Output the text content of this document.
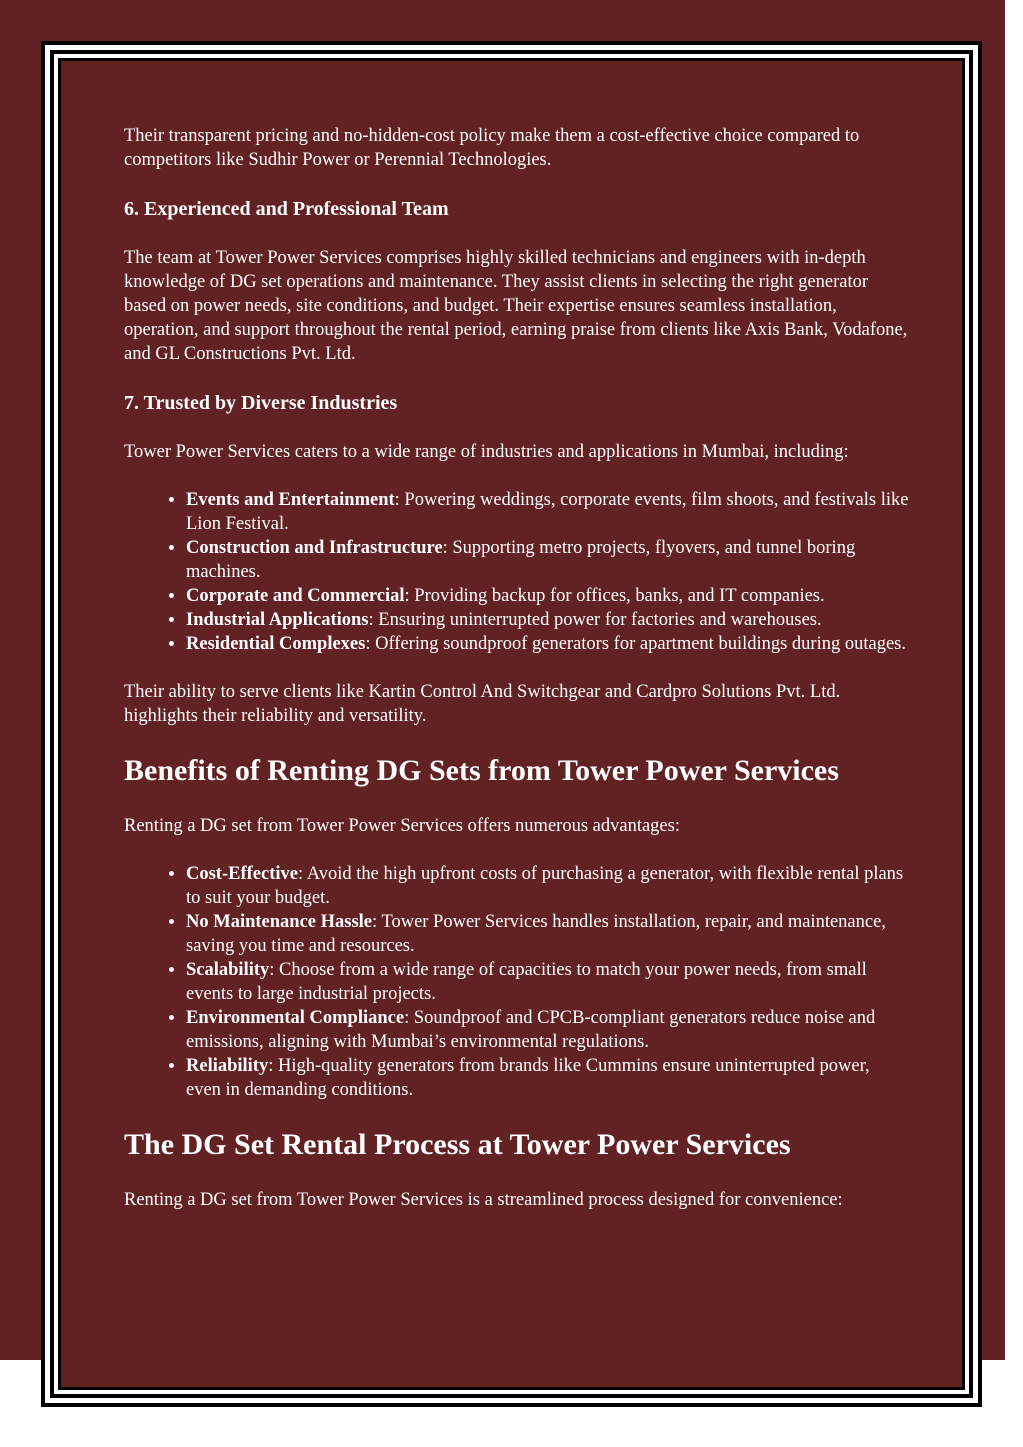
Their transparent pricing and no-hidden-cost policy make them a cost-effective choice compared to competitors like Sudhir Power or Perennial Technologies.

6. Experienced and Professional Team

The team at Tower Power Services comprises highly skilled technicians and engineers with in-depth knowledge of DG set operations and maintenance. They assist clients in selecting the right generator based on power needs, site conditions, and budget. Their expertise ensures seamless installation, operation, and support throughout the rental period, earning praise from clients like Axis Bank, Vodafone, and GL Constructions Pvt. Ltd.

7. Trusted by Diverse Industries

Tower Power Services caters to a wide range of industries and applications in Mumbai, including:

• Events and Entertainment: Powering weddings, corporate events, film shoots, and festivals like Lion Festival.
• Construction and Infrastructure: Supporting metro projects, flyovers, and tunnel boring machines.
• Corporate and Commercial: Providing backup for offices, banks, and IT companies.
• Industrial Applications: Ensuring uninterrupted power for factories and warehouses.
• Residential Complexes: Offering soundproof generators for apartment buildings during outages.

Their ability to serve clients like Kartin Control And Switchgear and Cardpro Solutions Pvt. Ltd. highlights their reliability and versatility.

Benefits of Renting DG Sets from Tower Power Services

Renting a DG set from Tower Power Services offers numerous advantages:

• Cost-Effective: Avoid the high upfront costs of purchasing a generator, with flexible rental plans to suit your budget.
• No Maintenance Hassle: Tower Power Services handles installation, repair, and maintenance, saving you time and resources.
• Scalability: Choose from a wide range of capacities to match your power needs, from small events to large industrial projects.
• Environmental Compliance: Soundproof and CPCB-compliant generators reduce noise and emissions, aligning with Mumbai’s environmental regulations.
• Reliability: High-quality generators from brands like Cummins ensure uninterrupted power, even in demanding conditions.
The DG Set Rental Process at Tower Power Services

Renting a DG set from Tower Power Services is a streamlined process designed for convenience:
